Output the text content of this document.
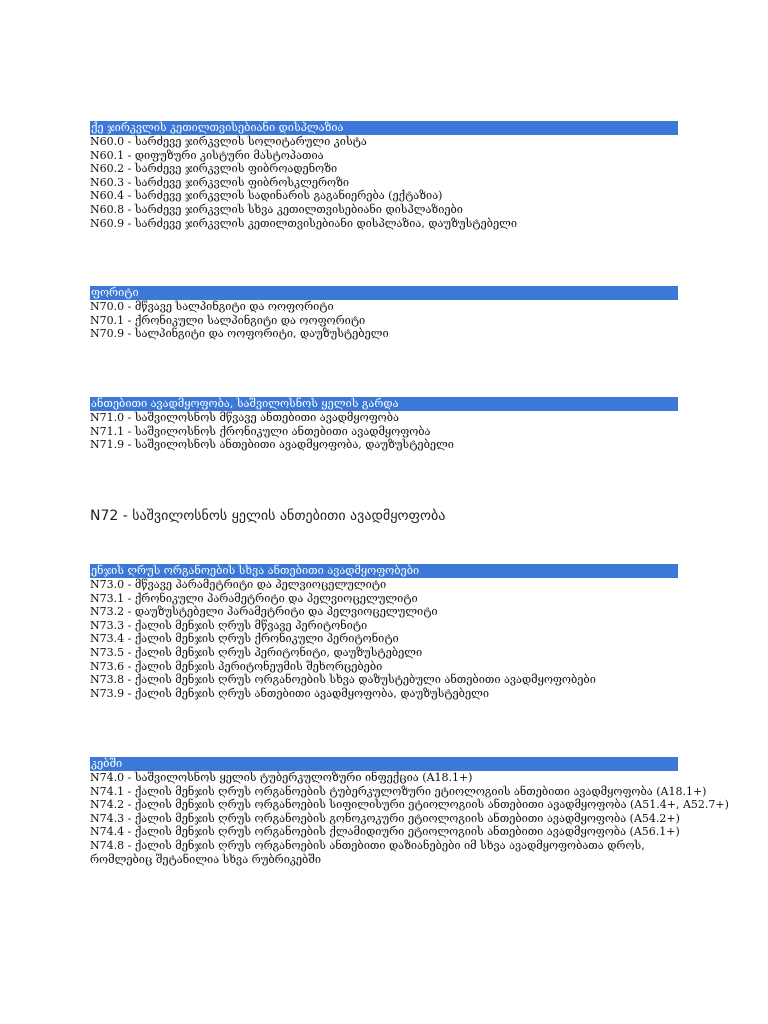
ქე ჯირკვლის კეთილთვისებიანი დისპლაზია
N60.0 - სარძევე ჯირკვლის სოლიტარული კისტა
N60.1 - დიფუზური კისტური მასტოპათია
N60.2 - სარძევე ჯირკვლის ფიბროადენოზი
N60.3 - სარძევე ჯირკვლის ფიბროსკლეროზი
N60.4 - სარძევე ჯირკვლის სადინარის გაგანიერება (ექტაზია)
N60.8 - სარძევე ჯირკვლის სხვა კეთილთვისებიანი დისპლაზიები
N60.9 - სარძევე ჯირკვლის კეთილთვისებიანი დისპლაზია, დაუზუსტებელი
ფორიტი
N70.0 - მწვავე სალპინგიტი და ოოფორიტი
N70.1 - ქრონიკული სალპინგიტი და ოოფორიტი
N70.9 - სალპინგიტი და ოოფორიტი, დაუზუსტებელი
ანთებითი ავადმყოფობა, საშვილოსნოს ყელის გარდა
N71.0 - საშვილოსნოს მწვავე ანთებითი ავადმყოფობა
N71.1 - საშვილოსნოს ქრონიკული ანთებითი ავადმყოფობა
N71.9 - საშვილოსნოს ანთებითი ავადმყოფობა, დაუზუსტებელი
N72 - საშვილოსნოს ყელის ანთებითი ავადმყოფობა
ენჯის ღრუს ორგანოების სხვა ანთებითი ავადმყოფობები
N73.0 - მწვავე პარამეტრიტი და პელვიოცელულიტი
N73.1 - ქრონიკული პარამეტრიტი და პელვიოცელულიტი
N73.2 - დაუზუსტებელი პარამეტრიტი და პელვიოცელულიტი
N73.3 - ქალის მენჯის ღრუს მწვავე პერიტონიტი
N73.4 - ქალის მენჯის ღრუს ქრონიკული პერიტონიტი
N73.5 - ქალის მენჯის ღრუს პერიტონიტი, დაუზუსტებელი
N73.6 - ქალის მენჯის პერიტონეუმის შეხორცებები
N73.8 - ქალის მენჯის ღრუს ორგანოების სხვა დაზუსტებული ანთებითი ავადმყოფობები
N73.9 - ქალის მენჯის ღრუს ანთებითი ავადმყოფობა, დაუზუსტებელი
კებში
N74.0 - საშვილოსნოს ყელის ტუბერკულოზური ინფექცია (A18.1+)
N74.1 - ქალის მენჯის ღრუს ორგანოების ტუბერკულოზური ეტიოლოგიის ანთებითი ავადმყოფობა (A18.1+)
N74.2 - ქალის მენჯის ღრუს ორგანოების სიფილისური ეტიოლოგიის ანთებითი ავადმყოფობა (A51.4+, A52.7+)
N74.3 - ქალის მენჯის ღრუს ორგანოების გონოკოკური ეტიოლოგიის ანთებითი ავადმყოფობა (A54.2+)
N74.4 - ქალის მენჯის ღრუს ორგანოების ქლამიდიური ეტიოლოგიის ანთებითი ავადმყოფობა (A56.1+)
N74.8 - ქალის მენჯის ღრუს ორგანოების ანთებითი დაზიანებები იმ სხვა ავადმყოფობათა დროს, რომლებიც შეტანილია სხვა რუბრიკებში
